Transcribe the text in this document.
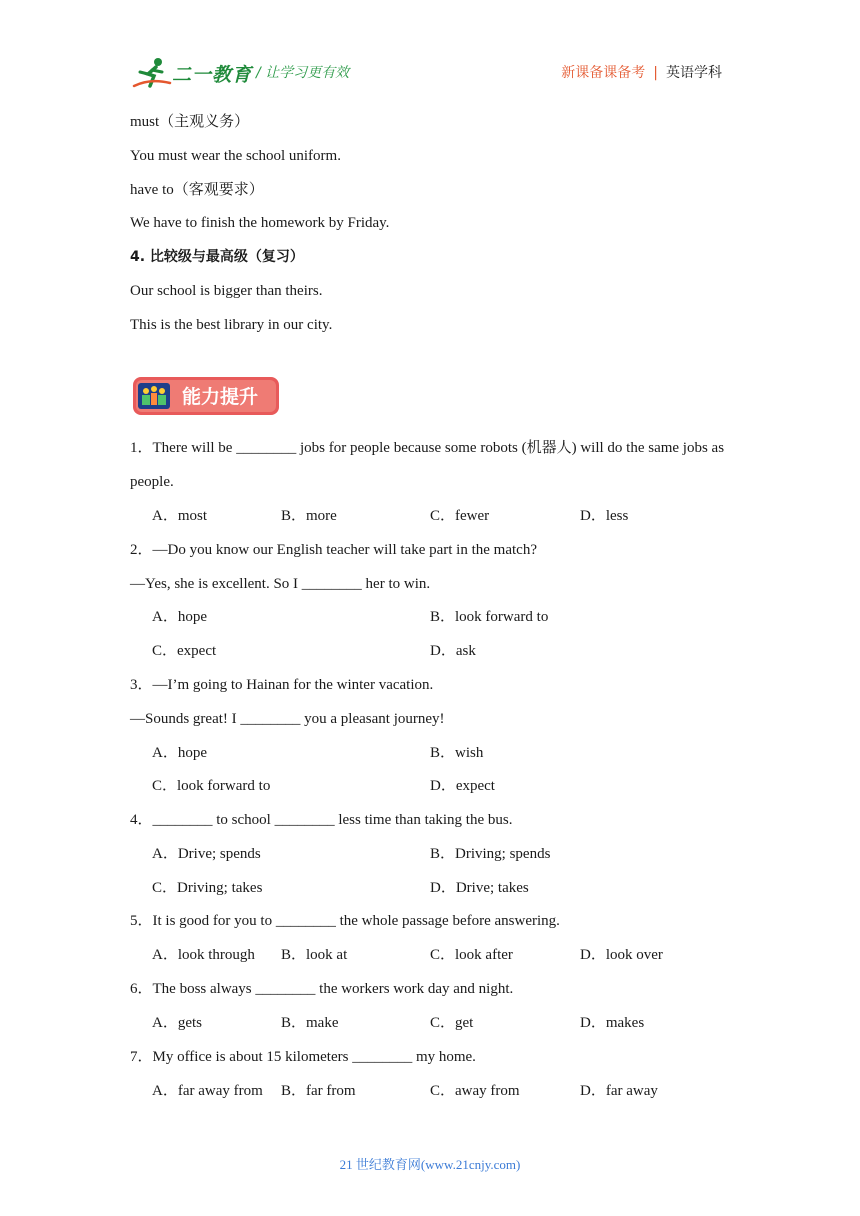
二一教育 / 让学习更有效	新课备课备考 | 英语学科
must（主观义务）
You must wear the school uniform.
have to（客观要求）
We have to finish the homework by Friday.
4. 比较级与最高级（复习）
Our school is bigger than theirs.
This is the best library in our city.
能力提升
1．There will be ________ jobs for people because some robots (机器人) will do the same jobs as
people.
A．most	B．more	C．fewer	D．less
2．—Do you know our English teacher will take part in the match?
—Yes, she is excellent. So I ________ her to win.
A．hope	B．look forward to
C．expect	D．ask
3．—I’m going to Hainan for the winter vacation.
—Sounds great! I ________ you a pleasant journey!
A．hope	B．wish
C．look forward to	D．expect
4．________ to school ________ less time than taking the bus.
A．Drive; spends	B．Driving; spends
C．Driving; takes	D．Drive; takes
5．It is good for you to ________ the whole passage before answering.
A．look through B．look at	C．look after	D．look over
6．The boss always ________ the workers work day and night.
A．gets	B．make	C．get	D．makes
7．My office is about 15 kilometers ________ my home.
A．far away from B．far from	C．away from	D．far away
21 世纪教育网(www.21cnjy.com)
